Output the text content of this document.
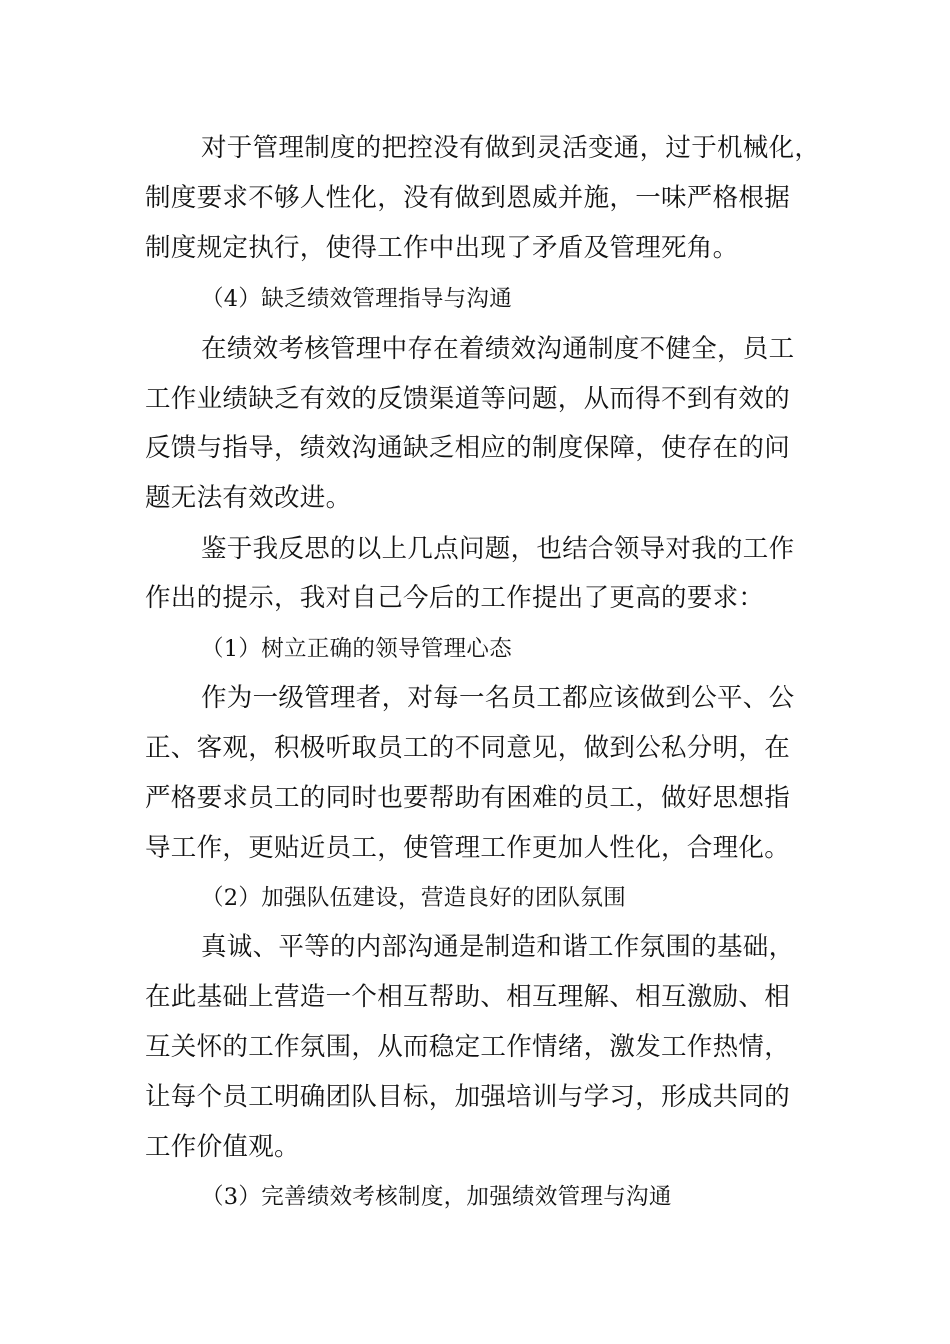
对于管理制度的把控没有做到灵活变通，过于机械化，
制度要求不够人性化，没有做到恩威并施，一味严格根据
制度规定执行，使得工作中出现了矛盾及管理死角。
（4）缺乏绩效管理指导与沟通
在绩效考核管理中存在着绩效沟通制度不健全，员工
工作业绩缺乏有效的反馈渠道等问题，从而得不到有效的
反馈与指导，绩效沟通缺乏相应的制度保障，使存在的问
题无法有效改进。
鉴于我反思的以上几点问题，也结合领导对我的工作
作出的提示，我对自己今后的工作提出了更高的要求：
（1）树立正确的领导管理心态
作为一级管理者，对每一名员工都应该做到公平、公
正、客观，积极听取员工的不同意见，做到公私分明，在
严格要求员工的同时也要帮助有困难的员工，做好思想指
导工作，更贴近员工，使管理工作更加人性化，合理化。
（2）加强队伍建设，营造良好的团队氛围
真诚、平等的内部沟通是制造和谐工作氛围的基础，
在此基础上营造一个相互帮助、相互理解、相互激励、相
互关怀的工作氛围，从而稳定工作情绪，激发工作热情，
让每个员工明确团队目标，加强培训与学习，形成共同的
工作价值观。
（3）完善绩效考核制度，加强绩效管理与沟通
